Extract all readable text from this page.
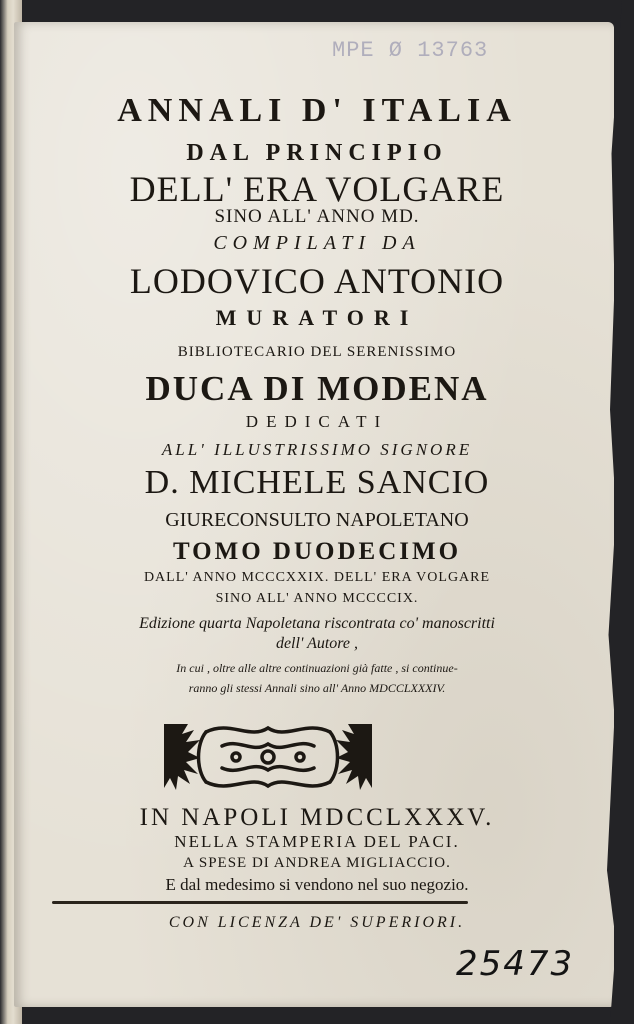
MPE Ø 13763
ANNALI D' ITALIA
DAL PRINCIPIO
DELL' ERA VOLGARE
SINO ALL' ANNO MD.
COMPILATI DA
LODOVICO ANTONIO
MURATORI
BIBLIOTECARIO DEL SERENISSIMO
DUCA DI MODENA
DEDICATI
ALL' ILLUSTRISSIMO SIGNORE
D. MICHELE SANCIO
GIURECONSULTO NAPOLETANO
TOMO DUODECIMO
DALL' ANNO MCCCXXIX. DELL' ERA VOLGARE
SINO ALL' ANNO MCCCCIX.
Edizione quarta Napoletana riscontrata co' manoscritti
dell' Autore ,
In cui , oltre alle altre continuazioni già fatte , si continue-
ranno gli stessi Annali sino all' Anno MDCCLXXXIV.
IN NAPOLI MDCCLXXXV.
NELLA STAMPERIA DEL PACI.
A SPESE DI ANDREA MIGLIACCIO.
E dal medesimo si vendono nel suo negozio.
CON LICENZA DE' SUPERIORI.
25473
